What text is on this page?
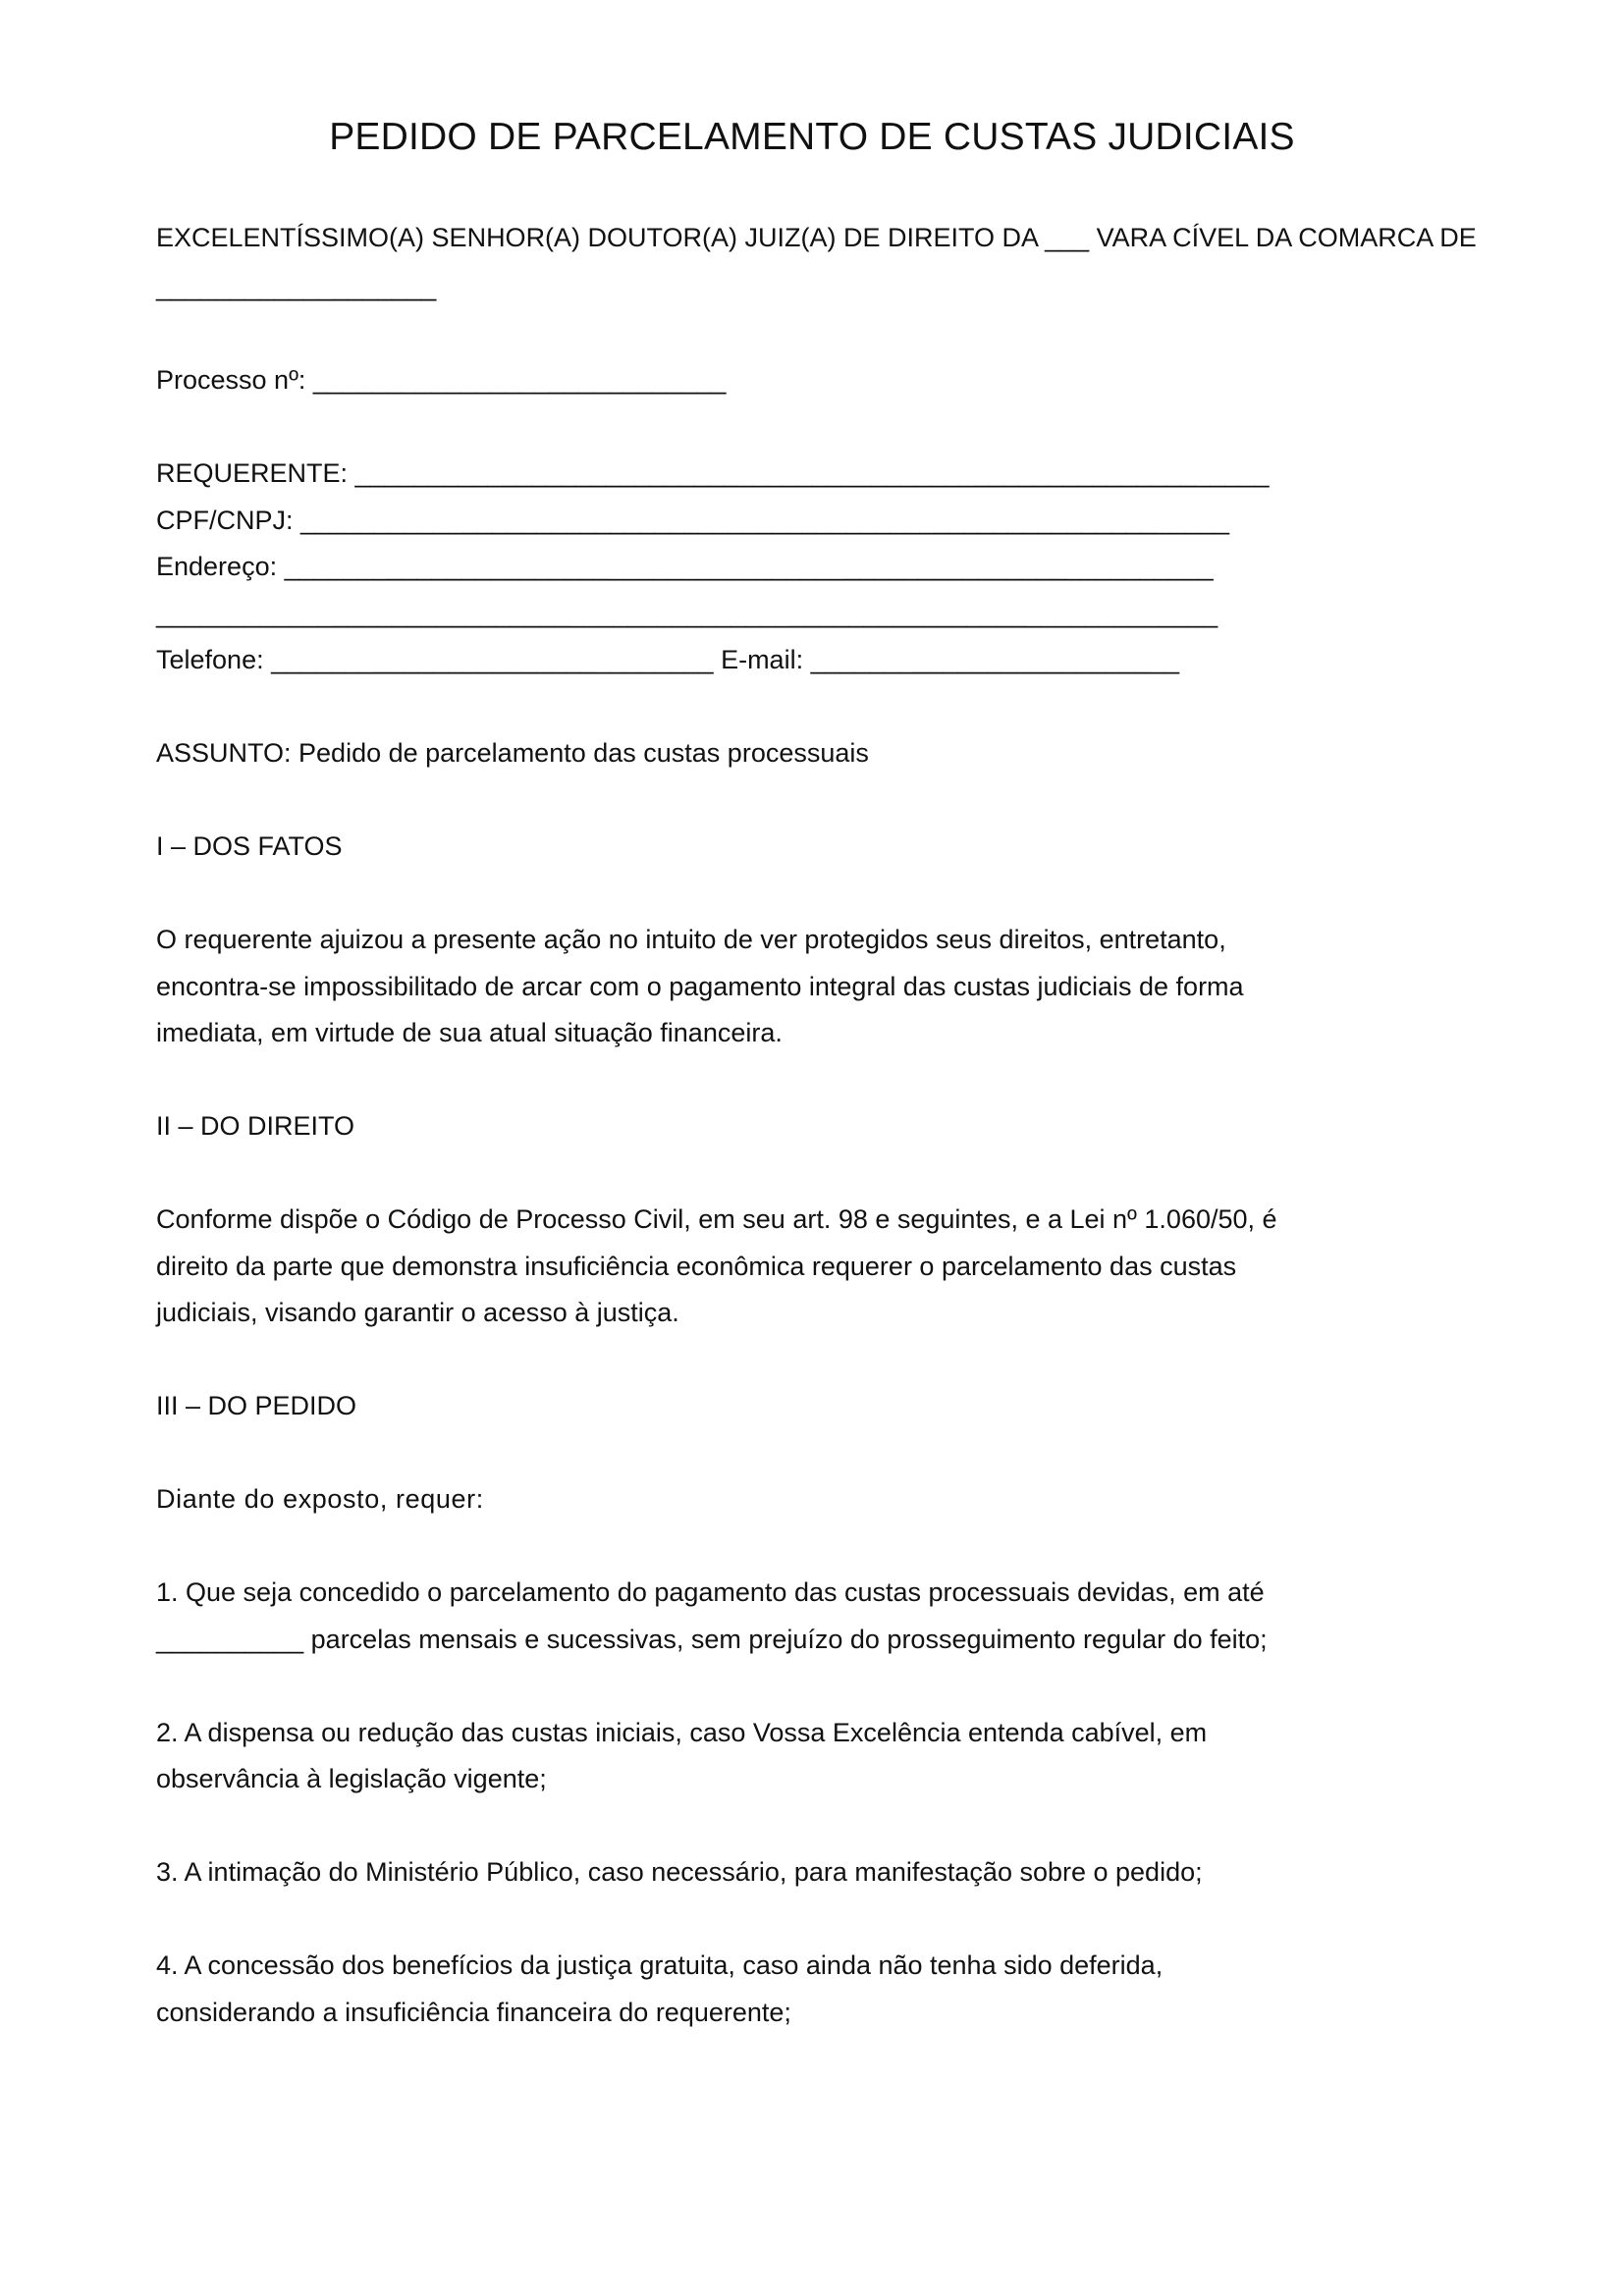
PEDIDO DE PARCELAMENTO DE CUSTAS JUDICIAIS

EXCELENTÍSSIMO(A) SENHOR(A) DOUTOR(A) JUIZ(A) DE DIREITO DA ___ VARA CÍVEL DA COMARCA DE

___________________

Processo nº: ____________________________

REQUERENTE: ______________________________________________________________

CPF/CNPJ: _______________________________________________________________

Endereço: _______________________________________________________________

________________________________________________________________________

Telefone: ______________________________ E-mail: _________________________

ASSUNTO: Pedido de parcelamento das custas processuais

I – DOS FATOS

O requerente ajuizou a presente ação no intuito de ver protegidos seus direitos, entretanto,

encontra-se impossibilitado de arcar com o pagamento integral das custas judiciais de forma

imediata, em virtude de sua atual situação financeira.

II – DO DIREITO

Conforme dispõe o Código de Processo Civil, em seu art. 98 e seguintes, e a Lei nº 1.060/50, é

direito da parte que demonstra insuficiência econômica requerer o parcelamento das custas

judiciais, visando garantir o acesso à justiça.

III – DO PEDIDO

Diante do exposto, requer:

1. Que seja concedido o parcelamento do pagamento das custas processuais devidas, em até

__________ parcelas mensais e sucessivas, sem prejuízo do prosseguimento regular do feito;

2. A dispensa ou redução das custas iniciais, caso Vossa Excelência entenda cabível, em

observância à legislação vigente;

3. A intimação do Ministério Público, caso necessário, para manifestação sobre o pedido;

4. A concessão dos benefícios da justiça gratuita, caso ainda não tenha sido deferida,

considerando a insuficiência financeira do requerente;
